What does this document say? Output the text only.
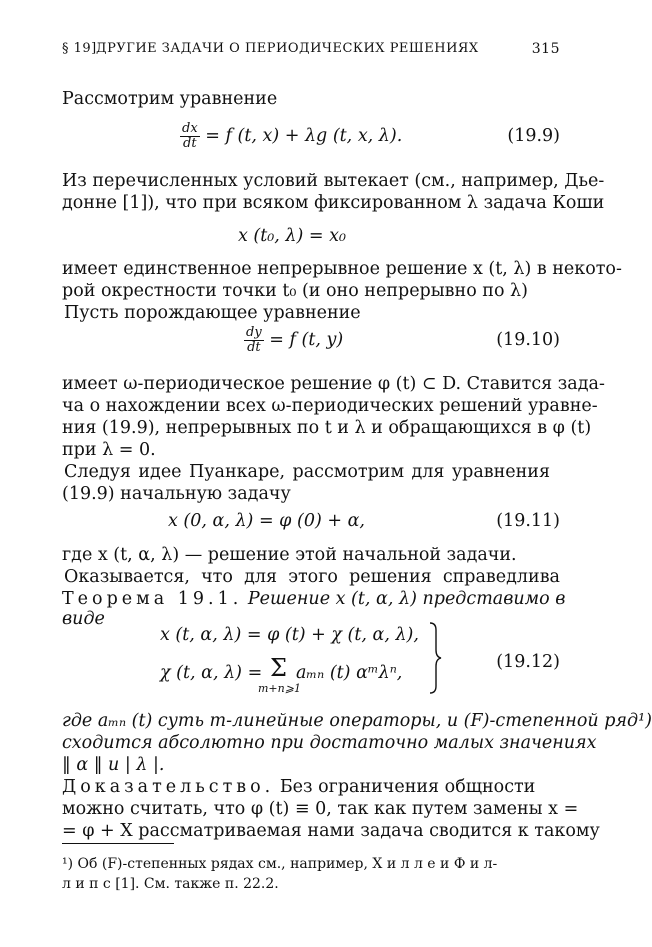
§ 19] ДРУГИЕ ЗАДАЧИ О ПЕРИОДИЧЕСКИХ РЕШЕНИЯХ	315
Рассмотрим уравнение
$\frac{dx}{dt} = f$ (t, x) + λg (t, x, λ).	(19.9)
Из перечисленных условий вытекает (см., например, Дье-
донне [1]), что при всяком фиксированном λ задача Коши
x (t₀, λ) = x₀
имеет единственное непрерывное решение x (t, λ) в некото-
рой окрестности точки t₀ (и оно непрерывно по λ)
Пусть порождающее уравнение
$\frac{dy}{dt} = f$ (t, y)	(19.10)
имеет ω-периодическое решение φ (t) ⊂ D. Ставится зада-
ча о нахождении всех ω-периодических решений уравне-
ния (19.9), непрерывных по t и λ и обращающихся в φ (t)
при λ = 0.
Следуя идее Пуанкаре, рассмотрим для уравнения
(19.9) начальную задачу
x (0, α, λ) = φ (0) + α,	(19.11)
где x (t, α, λ) — решение этой начальной задачи.
Оказывается, что для этого решения справедлива
Теорема 19.1. Решение x (t, α, λ) представимо в
виде
x (t, α, λ) = φ (t) + χ (t, α, λ),
χ (t, α, λ) = Σ
m+n⩾1
aₘₙ (t) αᵐλⁿ,
(19.12)
где aₘₙ (t) суть m-линейные операторы, u (F)-степенной ряд¹)
сходится абсолютно при достаточно малых значениях
‖ α ‖ и | λ |.
Доказательство. Без ограничения общности
можно считать, что φ (t) ≡ 0, так как путем замены x =
= φ + X рассматриваемая нами задача сводится к такому
¹) Об (F)-степенных рядах см., например, Х и л л е и Ф и л-
л и п с [1]. См. также п. 22.2.
